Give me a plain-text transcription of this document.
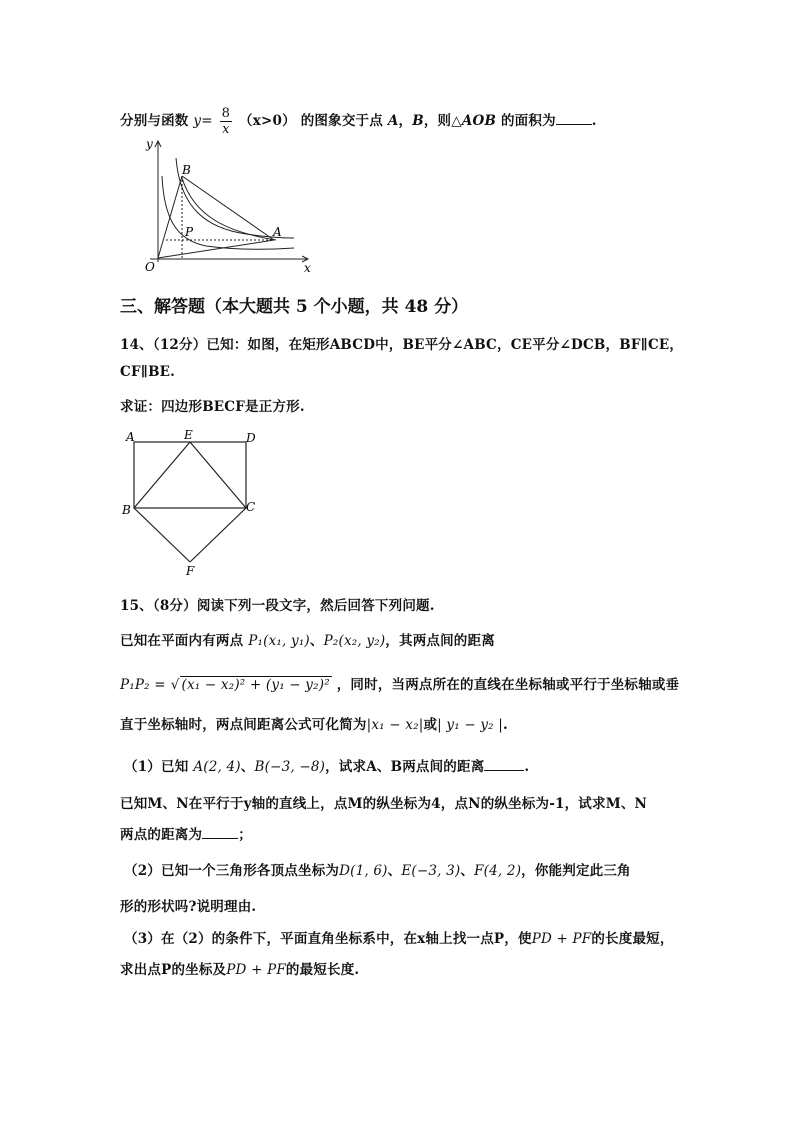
分别与函数 $y= \frac{8}{x} (x>0)$ 的图象交于点 A，B，则△AOB 的面积为	.
y
x
O
B
P	A
三、解答题（本大题共 5 个小题，共 48 分）
14、（12分）已知：如图，在矩形ABCD中，BE平分∠ABC，CE平分∠DCB，BF∥CE，
CF∥BE.
求证：四边形BECF是正方形.
A	E	D
B	C
F
15、（8分）阅读下列一段文字，然后回答下列问题.
已知在平面内有两点 P₁(x₁, y₁)、P₂(x₂, y₂)，其两点间的距离
P₁P₂ = √ (x₁ − x₂)² + (y₁ − y₂)² ，同时，当两点所在的直线在坐标轴或平行于坐标轴或垂
直于坐标轴时，两点间距离公式可化简为|x₁ − x₂|或| y₁ − y₂ |.
（1）已知 A(2, 4)、B(−3, −8)，试求A、B两点间的距离	.
已知M、N在平行于y轴的直线上，点M的纵坐标为4，点N的纵坐标为-1，试求M、N
两点的距离为	；
（2）已知一个三角形各顶点坐标为D(1, 6)、E(−3, 3)、F(4, 2)，你能判定此三角
形的形状吗?说明理由.
（3）在（2）的条件下，平面直角坐标系中，在x轴上找一点P，使PD + PF的长度最短，
求出点P的坐标及PD + PF的最短长度.
